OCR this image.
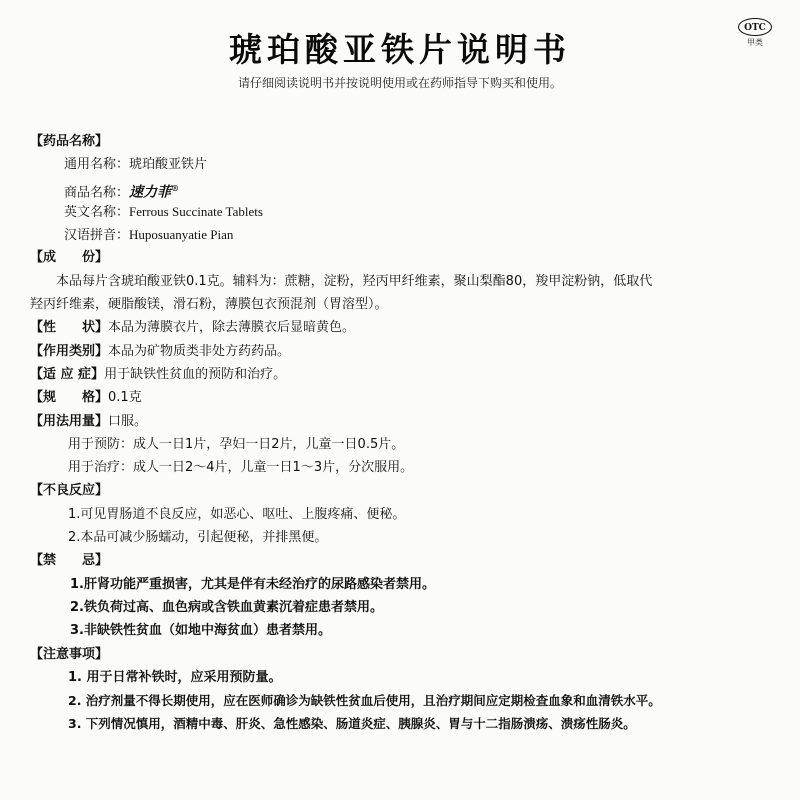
琥珀酸亚铁片说明书
请仔细阅读说明书并按说明使用或在药师指导下购买和使用。
OTC
甲类
【药品名称】
通用名称：琥珀酸亚铁片
商品名称：速力菲®
英文名称：Ferrous Succinate Tablets
汉语拼音：Huposuanyatie Pian
【成　　份】
本品每片含琥珀酸亚铁0.1克。辅料为：蔗糖，淀粉，羟丙甲纤维素，聚山梨酯80，羧甲淀粉钠，低取代
羟丙纤维素，硬脂酸镁，滑石粉，薄膜包衣预混剂（胃溶型）。
【性　　状】本品为薄膜衣片，除去薄膜衣后显暗黄色。
【作用类别】本品为矿物质类非处方药药品。
【适 应 症】用于缺铁性贫血的预防和治疗。
【规　　格】0.1克
【用法用量】口服。
用于预防：成人一日1片，孕妇一日2片，儿童一日0.5片。
用于治疗：成人一日2～4片，儿童一日1～3片，分次服用。
【不良反应】
1.可见胃肠道不良反应，如恶心、呕吐、上腹疼痛、便秘。
2.本品可减少肠蠕动，引起便秘，并排黑便。
【禁　　忌】
1.肝肾功能严重损害，尤其是伴有未经治疗的尿路感染者禁用。
2.铁负荷过高、血色病或含铁血黄素沉着症患者禁用。
3.非缺铁性贫血（如地中海贫血）患者禁用。
【注意事项】
1. 用于日常补铁时，应采用预防量。
2. 治疗剂量不得长期使用，应在医师确诊为缺铁性贫血后使用，且治疗期间应定期检查血象和血清铁水平。
3. 下列情况慎用，酒精中毒、肝炎、急性感染、肠道炎症、胰腺炎、胃与十二指肠溃疡、溃疡性肠炎。
